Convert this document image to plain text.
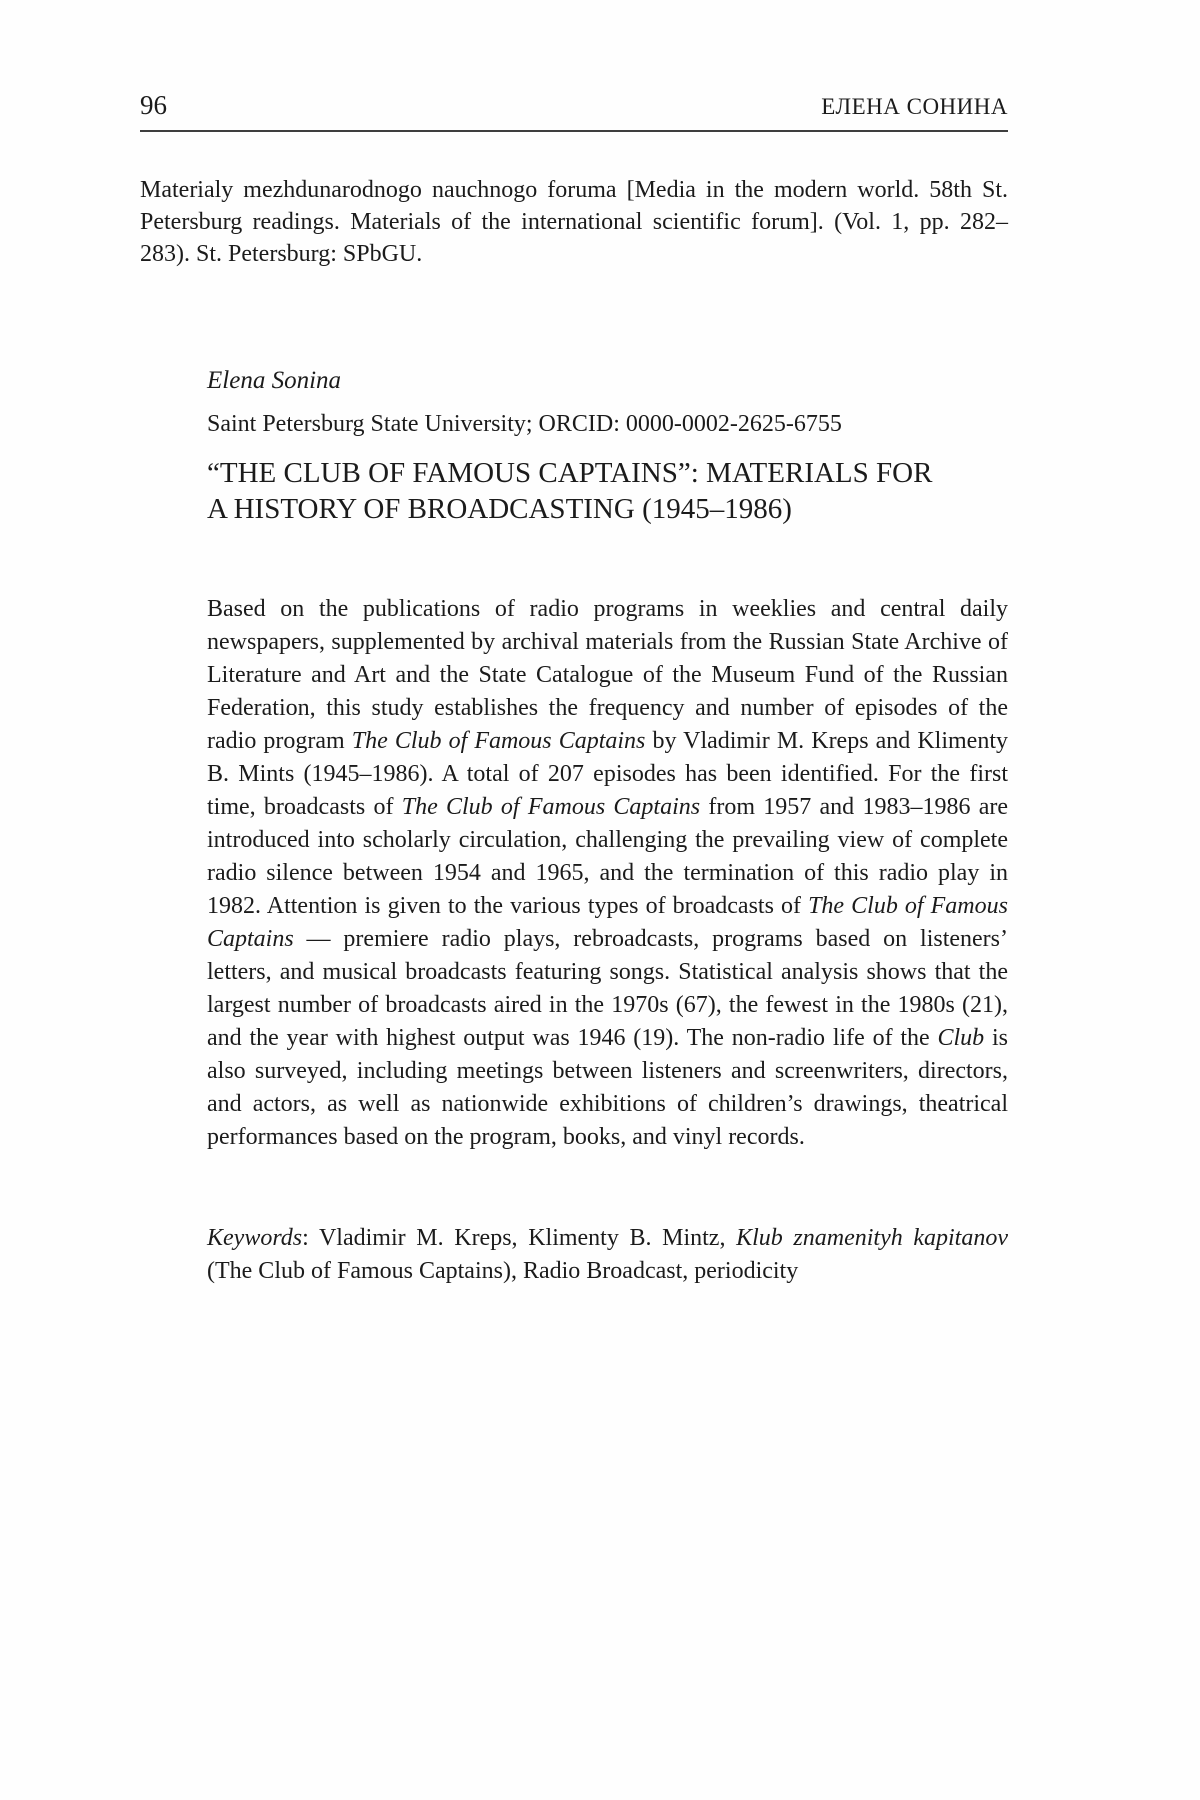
96	ЕЛЕНА СОНИНА

Materialy mezhdunarodnogo nauchnogo foruma [Media in the modern world. 58th St. Petersburg readings. Materials of the international scientific forum]. (Vol. 1, pp. 282–283). St. Petersburg: SPbGU.

Elena Sonina
Saint Petersburg State University; ORCID: 0000-0002-2625-6755
“THE CLUB OF FAMOUS CAPTAINS”: MATERIALS FOR
A HISTORY OF BROADCASTING (1945–1986)

Based on the publications of radio programs in weeklies and central daily newspapers, supplemented by archival materials from the Russian State Archive of Literature and Art and the State Catalogue of the Museum Fund of the Russian Federation, this study establishes the frequency and number of episodes of the radio program The Club of Famous Captains by Vladimir M. Kreps and Klimenty B. Mints (1945–1986). A total of 207 episodes has been identified. For the first time, broadcasts of The Club of Famous Captains from 1957 and 1983–1986 are introduced into scholarly circulation, challenging the prevailing view of complete radio silence between 1954 and 1965, and the termination of this radio play in 1982. Attention is given to the various types of broadcasts of The Club of Famous Captains — premiere radio plays, rebroadcasts, programs based on listeners’ letters, and musical broadcasts featuring songs. Statistical analysis shows that the largest number of broadcasts aired in the 1970s (67), the fewest in the 1980s (21), and the year with highest output was 1946 (19). The non-radio life of the Club is also surveyed, including meetings between listeners and screenwriters, directors, and actors, as well as nationwide exhibitions of children’s drawings, theatrical performances based on the program, books, and vinyl records.

Keywords: Vladimir M. Kreps, Klimenty B. Mintz, Klub znamenityh kapitanov (The Club of Famous Captains), Radio Broadcast, periodicity
